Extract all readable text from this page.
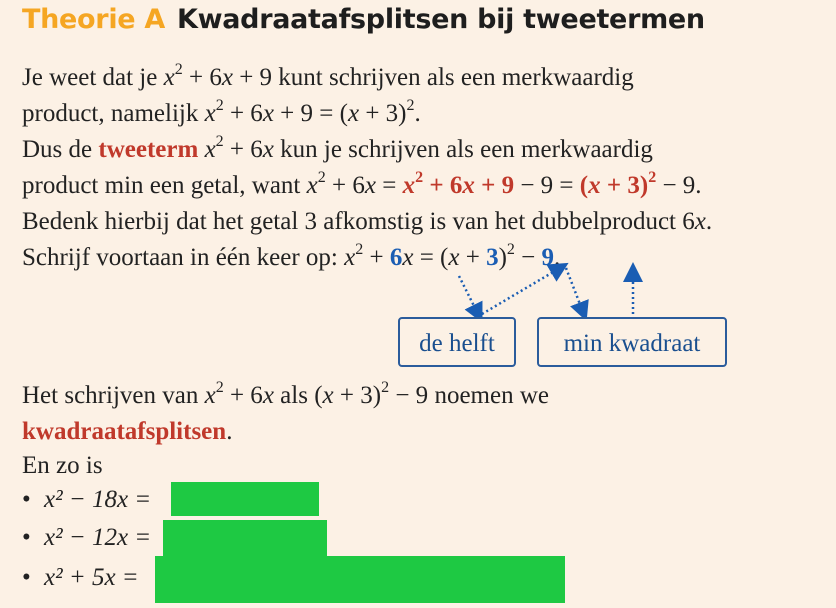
Theorie A Kwadraatafsplitsen bij tweetermen
Je weet dat je $x^2 + 6x + 9$ kunt schrijven als een merkwaardig
product, namelijk $x^2 + 6x + 9 = (x + 3)^2$.
Dus de tweeterm $x^2 + 6x$ kun je schrijven als een merkwaardig
product min een getal, want $x^2 + 6x = x^2 + 6x + 9 - 9 = (x + 3)^2 - 9$.
Bedenk hierbij dat het getal 3 afkomstig is van het dubbelproduct 6x.
Schrijf voortaan in één keer op: $x^2 + 6x = (x + 3)^2 - 9$.
de helft	min kwadraat
Het schrijven van $x^2 + 6x$ als $(x + 3)^2 - 9$ noemen we
kwadraatafsplitsen.
En zo is
• x² − 18x =
• x² − 12x =
• x² + 5x =
